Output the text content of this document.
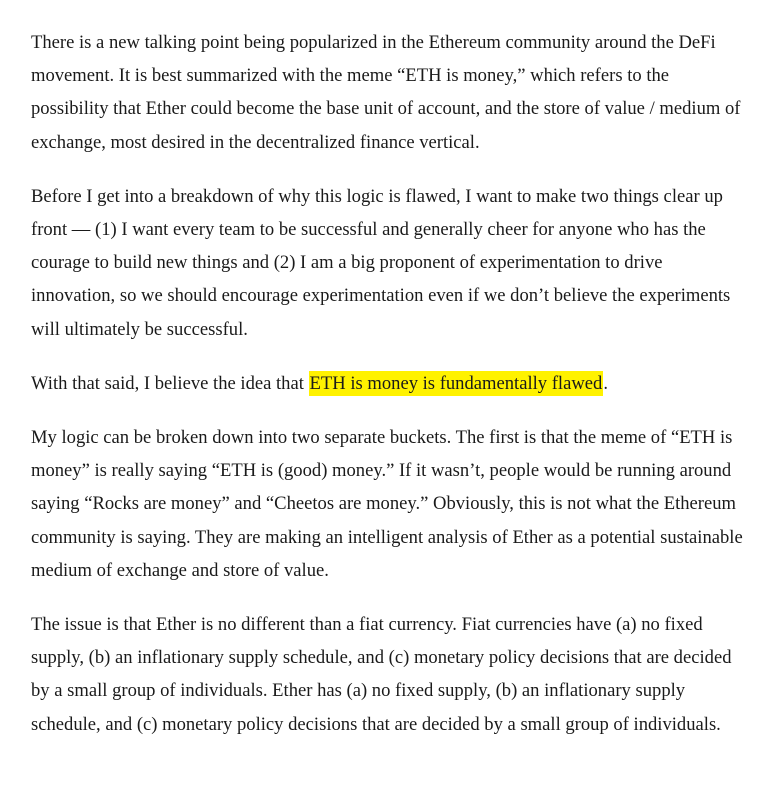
There is a new talking point being popularized in the Ethereum community around the DeFi movement. It is best summarized with the meme “ETH is money,” which refers to the possibility that Ether could become the base unit of account, and the store of value / medium of exchange, most desired in the decentralized finance vertical.

Before I get into a breakdown of why this logic is flawed, I want to make two things clear up front — (1) I want every team to be successful and generally cheer for anyone who has the courage to build new things and (2) I am a big proponent of experimentation to drive innovation, so we should encourage experimentation even if we don’t believe the experiments will ultimately be successful.

With that said, I believe the idea that ETH is money is fundamentally flawed.

My logic can be broken down into two separate buckets. The first is that the meme of “ETH is money” is really saying “ETH is (good) money.” If it wasn’t, people would be running around saying “Rocks are money” and “Cheetos are money.” Obviously, this is not what the Ethereum community is saying. They are making an intelligent analysis of Ether as a potential sustainable medium of exchange and store of value.

The issue is that Ether is no different than a fiat currency. Fiat currencies have (a) no fixed supply, (b) an inflationary supply schedule, and (c) monetary policy decisions that are decided by a small group of individuals. Ether has (a) no fixed supply, (b) an inflationary supply schedule, and (c) monetary policy decisions that are decided by a small group of individuals.
